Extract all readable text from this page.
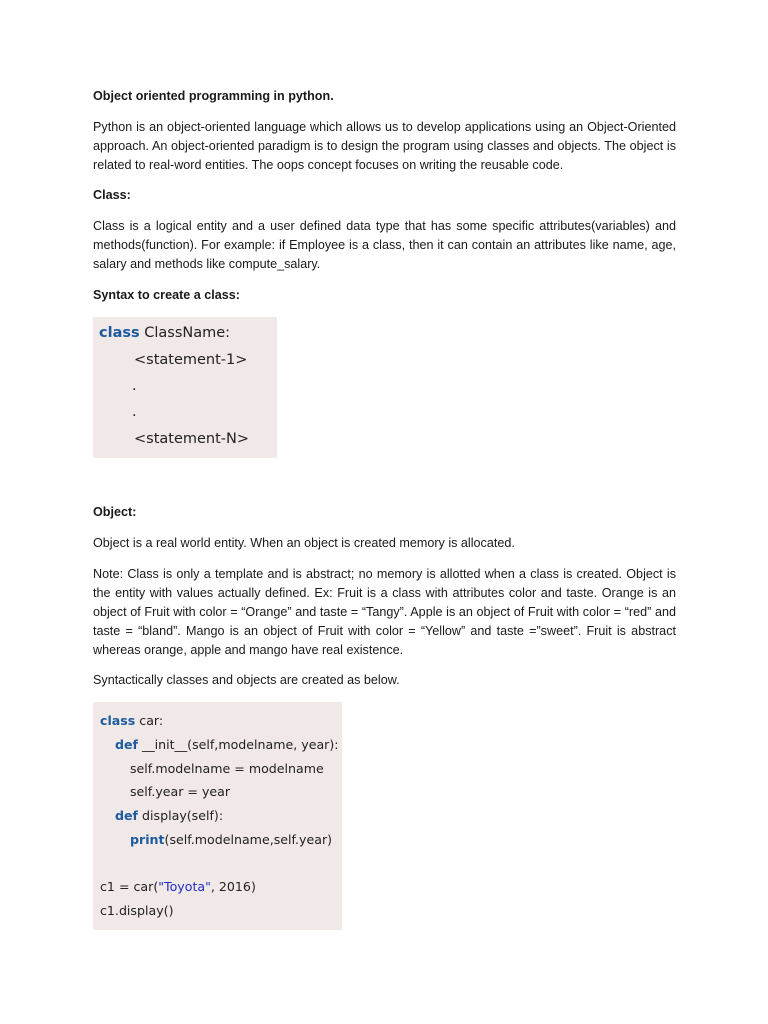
Object oriented programming in python.

Python is an object-oriented language which allows us to develop applications using an Object-Oriented approach. An object-oriented paradigm is to design the program using classes and objects. The object is related to real-word entities. The oops concept focuses on writing the reusable code.

Class:

Class is a logical entity and a user defined data type that has some specific attributes(variables) and methods(function). For example: if Employee is a class, then it can contain an attributes like name, age, salary and methods like compute_salary.

Syntax to create a class:

class ClassName:
<statement-1>
.
.
<statement-N>

Object:

Object is a real world entity. When an object is created memory is allocated.

Note: Class is only a template and is abstract; no memory is allotted when a class is created. Object is the entity with values actually defined. Ex: Fruit is a class with attributes color and taste. Orange is an object of Fruit with color = “Orange” and taste = “Tangy”. Apple is an object of Fruit with color = “red” and taste = “bland”. Mango is an object of Fruit with color = “Yellow” and taste =”sweet”. Fruit is abstract whereas orange, apple and mango have real existence.

Syntactically classes and objects are created as below.

class car:
def __init__(self,modelname, year):
self.modelname = modelname
self.year = year
def display(self):
print(self.modelname,self.year)
c1 = car("Toyota", 2016)
c1.display()
